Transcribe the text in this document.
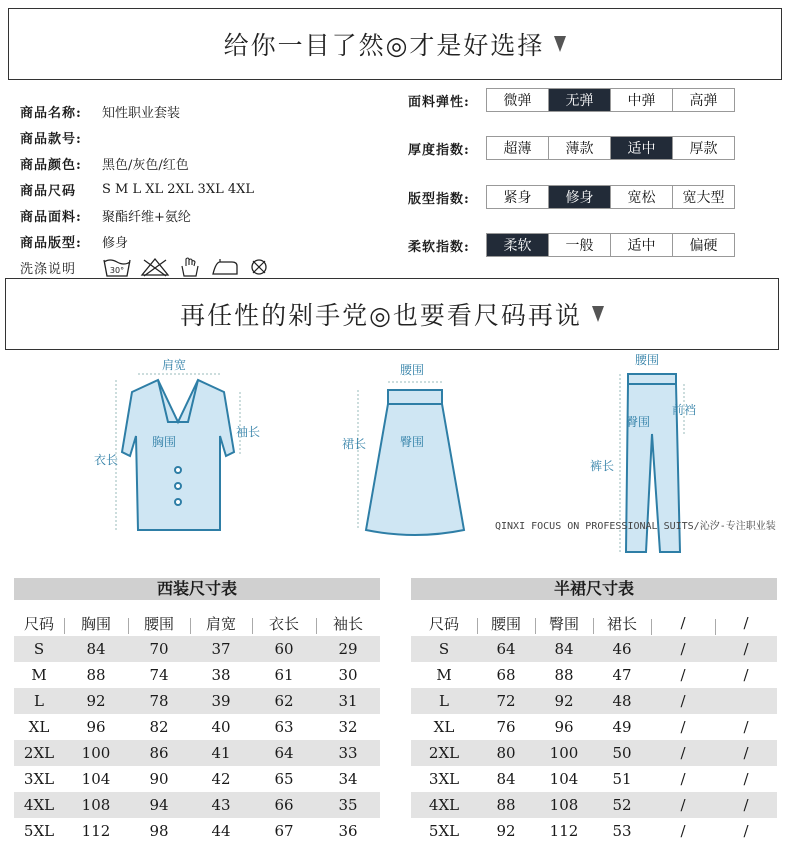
给你一目了然◎才是好选择
商品名称:	知性职业套装
商品款号:
商品颜色:	黑色/灰色/红色
商品尺码	S M L XL 2XL 3XL 4XL
商品面料:	聚酯纤维+氨纶
商品版型:	修身
洗涤说明	30°
面料弹性:	微弹	无弹	中弹	高弹
厚度指数:	超薄	薄款	适中	厚款
版型指数:	紧身	修身	宽松	宽大型
柔软指数:	柔软	一般	适中	偏硬
再任性的剁手党◎也要看尺码再说
肩宽
胸围
衣长
袖长
腰围
臀围
裙长
腰围
臀围
前裆
裤长
QINXI FOCUS ON PROFESSIONAL SUITS/沁汐-专注职业装
西装尺寸表
尺码	胸围	腰围	肩宽	衣长	袖长
S	84	70	37	60	29
M	88	74	38	61	30
L	92	78	39	62	31
XL	96	82	40	63	32
2XL	100	86	41	64	33
3XL	104	90	42	65	34
4XL	108	94	43	66	35
5XL	112	98	44	67	36
半裙尺寸表
尺码	腰围	臀围	裙长	/	/
S	64	84	46	/	/
M	68	88	47	/	/
L	72	92	48	/
XL	76	96	49	/	/
2XL	80	100	50	/	/
3XL	84	104	51	/	/
4XL	88	108	52	/	/
5XL	92	112	53	/	/
